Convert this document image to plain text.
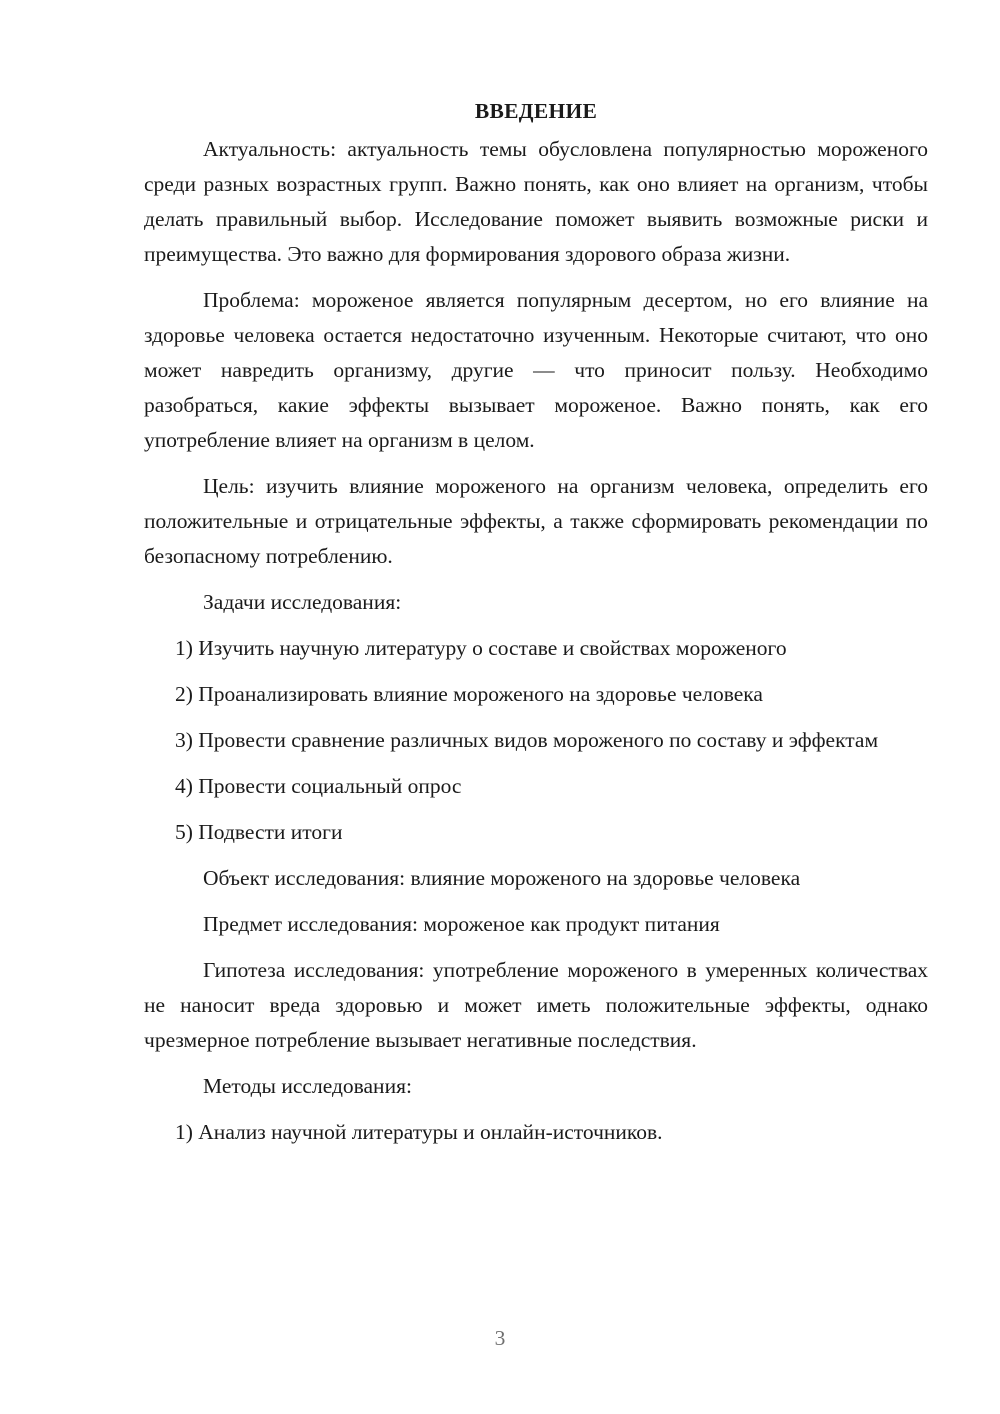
ВВЕДЕНИЕ

Актуальность: актуальность темы обусловлена популярностью мороженого среди разных возрастных групп. Важно понять, как оно влияет на организм, чтобы делать правильный выбор. Исследование поможет выявить возможные риски и преимущества. Это важно для формирования здорового образа жизни.

Проблема: мороженое является популярным десертом, но его влияние на здоровье человека остается недостаточно изученным. Некоторые считают, что оно может навредить организму, другие — что приносит пользу. Необходимо разобраться, какие эффекты вызывает мороженое. Важно понять, как его употребление влияет на организм в целом.

Цель: изучить влияние мороженого на организм человека, определить его положительные и отрицательные эффекты, а также сформировать рекомендации по безопасному потреблению.

Задачи исследования:

1) Изучить научную литературу о составе и свойствах мороженого

2) Проанализировать влияние мороженого на здоровье человека

3) Провести сравнение различных видов мороженого по составу и эффектам

4) Провести социальный опрос

5) Подвести итоги

Объект исследования: влияние мороженого на здоровье человека

Предмет исследования: мороженое как продукт питания

Гипотеза исследования: употребление мороженого в умеренных количествах не наносит вреда здоровью и может иметь положительные эффекты, однако чрезмерное потребление вызывает негативные последствия.

Методы исследования:

1) Анализ научной литературы и онлайн-источников.

3
